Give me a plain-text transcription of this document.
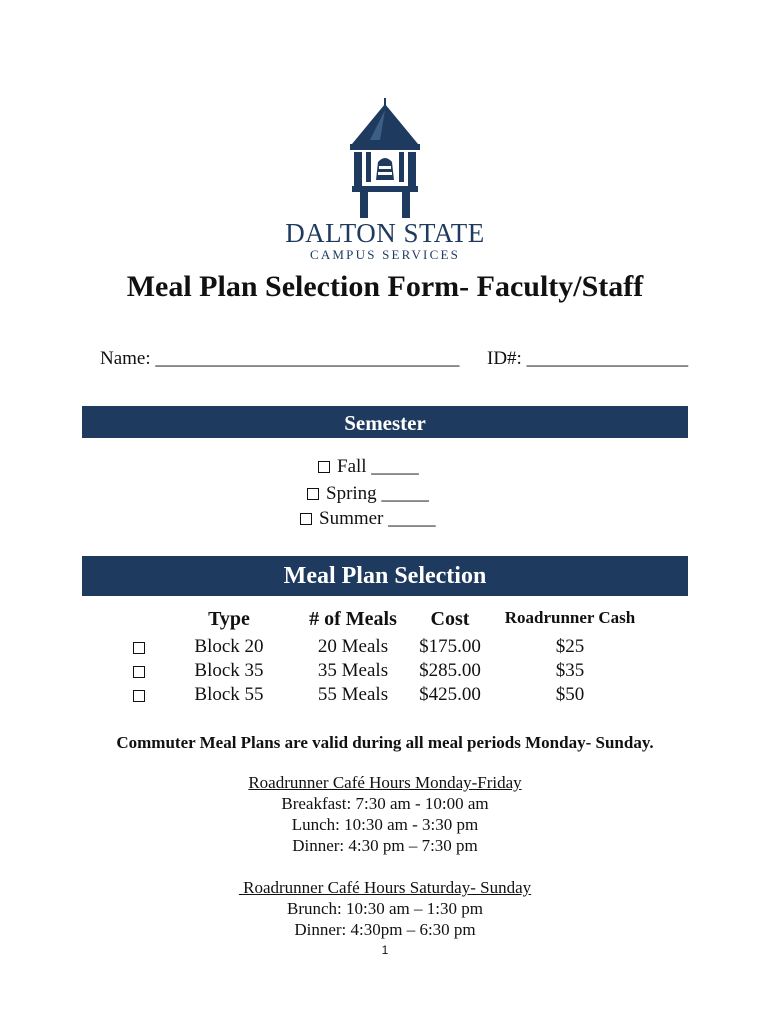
DALTON STATE
CAMPUS SERVICES
Meal Plan Selection Form- Faculty/Staff
Name: ________________________________ ID#: _________________
Semester
Fall _____
Spring _____
Summer _____
Meal Plan Selection
Type	# of Meals	Cost	Roadrunner Cash
Block 20	20 Meals	$175.00	$25
Block 35	35 Meals	$285.00	$35
Block 55	55 Meals	$425.00	$50
Commuter Meal Plans are valid during all meal periods Monday- Sunday.
Roadrunner Café Hours Monday-Friday
Breakfast: 7:30 am - 10:00 am
Lunch: 10:30 am - 3:30 pm
Dinner: 4:30 pm – 7:30 pm
Roadrunner Café Hours Saturday- Sunday
Brunch: 10:30 am – 1:30 pm
Dinner: 4:30pm – 6:30 pm
1
